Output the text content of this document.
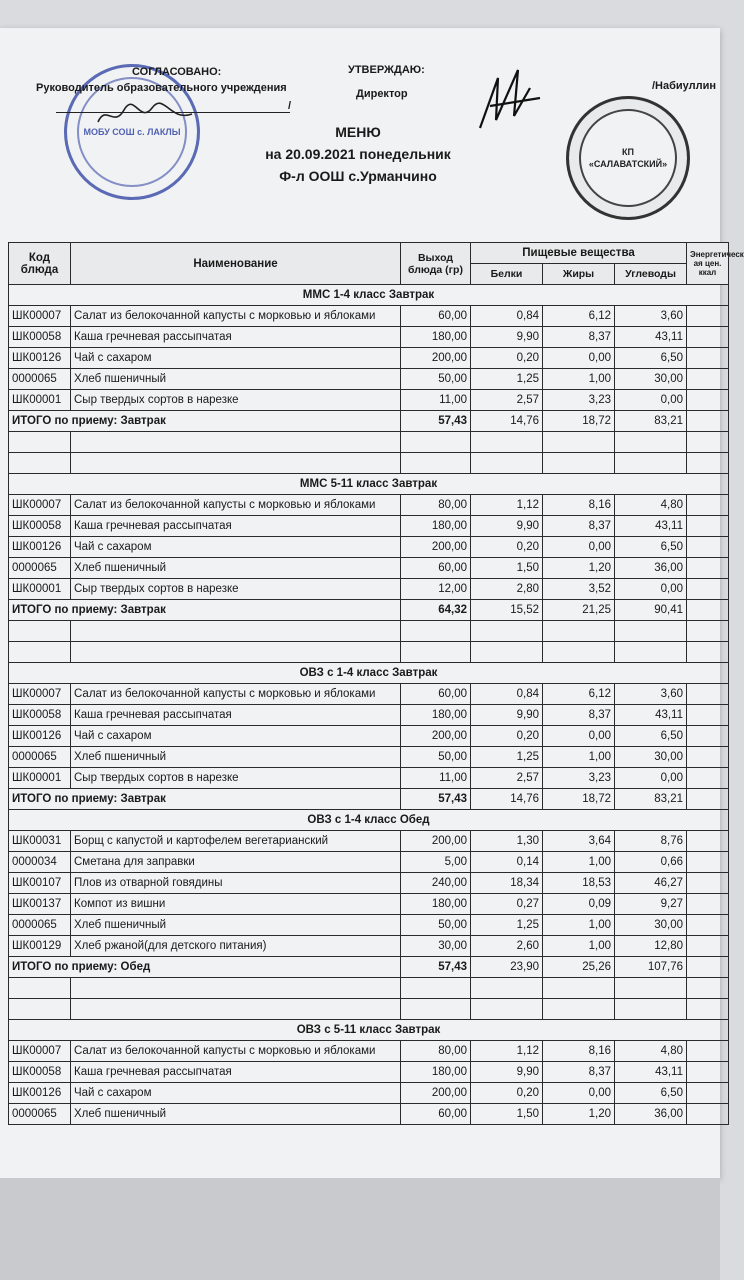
МОБУ СОШ с. ЛАКЛЫ
КП «САЛАВАТСКИЙ»
СОГЛАСОВАНО:
Руководитель образовательного учреждения
УТВЕРЖДАЮ:
Директор
/Набиуллин
/
МЕНЮ
на 20.09.2021 понедельник
Ф-л ООШ с.Урманчино
Код блюда	Наименование	Выход блюда (гр)	Пищевые вещества			Энергетическ ая цен. ккал
			Белки	Жиры	Углеводы	
ММС 1-4 класс Завтрак						
ШК00007	Салат из белокочанной капусты с морковью и яблоками	60,00	0,84	6,12	3,60	
ШК00058	Каша гречневая рассыпчатая	180,00	9,90	8,37	43,11	
ШК00126	Чай с сахаром	200,00	0,20	0,00	6,50	
0000065	Хлеб пшеничный	50,00	1,25	1,00	30,00	
ШК00001	Сыр твердых сортов в нарезке	11,00	2,57	3,23	0,00	
ИТОГО по приему: Завтрак		57,43	14,76	18,72	83,21	

ММС 5-11 класс Завтрак						
ШК00007	Салат из белокочанной капусты с морковью и яблоками	80,00	1,12	8,16	4,80	
ШК00058	Каша гречневая рассыпчатая	180,00	9,90	8,37	43,11	
ШК00126	Чай с сахаром	200,00	0,20	0,00	6,50	
0000065	Хлеб пшеничный	60,00	1,50	1,20	36,00	
ШК00001	Сыр твердых сортов в нарезке	12,00	2,80	3,52	0,00	
ИТОГО по приему: Завтрак		64,32	15,52	21,25	90,41	

ОВЗ с 1-4 класс Завтрак						
ШК00007	Салат из белокочанной капусты с морковью и яблоками	60,00	0,84	6,12	3,60	
ШК00058	Каша гречневая рассыпчатая	180,00	9,90	8,37	43,11	
ШК00126	Чай с сахаром	200,00	0,20	0,00	6,50	
0000065	Хлеб пшеничный	50,00	1,25	1,00	30,00	
ШК00001	Сыр твердых сортов в нарезке	11,00	2,57	3,23	0,00	
ИТОГО по приему: Завтрак		57,43	14,76	18,72	83,21	
ОВЗ с 1-4 класс Обед						
ШК00031	Борщ с капустой и картофелем вегетарианский	200,00	1,30	3,64	8,76	
0000034	Сметана для заправки	5,00	0,14	1,00	0,66	
ШК00107	Плов из отварной говядины	240,00	18,34	18,53	46,27	
ШК00137	Компот из вишни	180,00	0,27	0,09	9,27	
0000065	Хлеб пшеничный	50,00	1,25	1,00	30,00	
ШК00129	Хлеб ржаной(для детского питания)	30,00	2,60	1,00	12,80	
ИТОГО по приему: Обед		57,43	23,90	25,26	107,76	

ОВЗ с 5-11 класс Завтрак						
ШК00007	Салат из белокочанной капусты с морковью и яблоками	80,00	1,12	8,16	4,80	
ШК00058	Каша гречневая рассыпчатая	180,00	9,90	8,37	43,11	
ШК00126	Чай с сахаром	200,00	0,20	0,00	6,50	
0000065	Хлеб пшеничный	60,00	1,50	1,20	36,00	
